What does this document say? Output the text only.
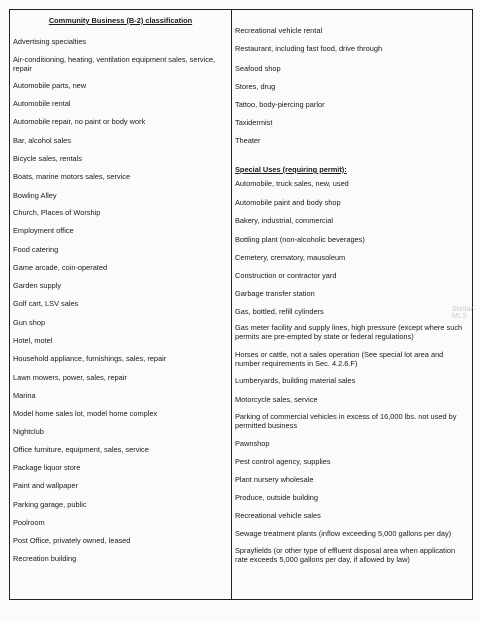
Community Business (B-2) classification
Advertising specialties
Air-conditioning, heating, ventilation equipment sales, service, repair
Automobile parts, new
Automobile rental
Automobile repair, no paint or body work
Bar, alcohol sales
Bicycle sales, rentals
Boats, marine motors sales, service
Bowling Alley
Church, Places of Worship
Employment office
Food catering
Game arcade, coin-operated
Garden supply
Golf cart, LSV sales
Gun shop
Hotel, motel
Household appliance, furnishings, sales, repair
Lawn mowers, power, sales, repair
Marina
Model home sales lot, model home complex
Nightclub
Office furniture, equipment, sales, service
Package liquor store
Paint and wallpaper
Parking garage, public
Poolroom
Post Office, privately owned, leased
Recreation building
Recreational vehicle rental
Restaurant, including fast food, drive through
Seafood shop
Stores, drug
Tattoo, body-piercing parlor
Taxidermist
Theater
Special Uses (requiring permit):
Automobile, truck sales, new, used
Automobile paint and body shop
Bakery, industrial, commercial
Bottling plant (non-alcoholic beverages)
Cemetery, crematory, mausoleum
Construction or contractor yard
Garbage transfer station
Gas, bottled, refill cylinders
Gas meter facility and supply lines, high pressure (except where such permits are pre-empted by state or federal regulations)
Horses or cattle, not a sales operation (See special lot area and number requirements in Sec. 4.2.6.F)
Lumberyards, building material sales
Motorcycle sales, service
Parking of commercial vehicles in excess of 16,000 lbs. not used by permitted business
Pawnshop
Pest control agency, supplies
Plant nursery wholesale
Produce, outside building
Recreational vehicle sales
Sewage treatment plants (inflow exceeding 5,000 gallons per day)
Sprayfields (or other type of effluent disposal area when application rate exceeds 5,000 gallons per day, if allowed by law)
Stellar MLS
